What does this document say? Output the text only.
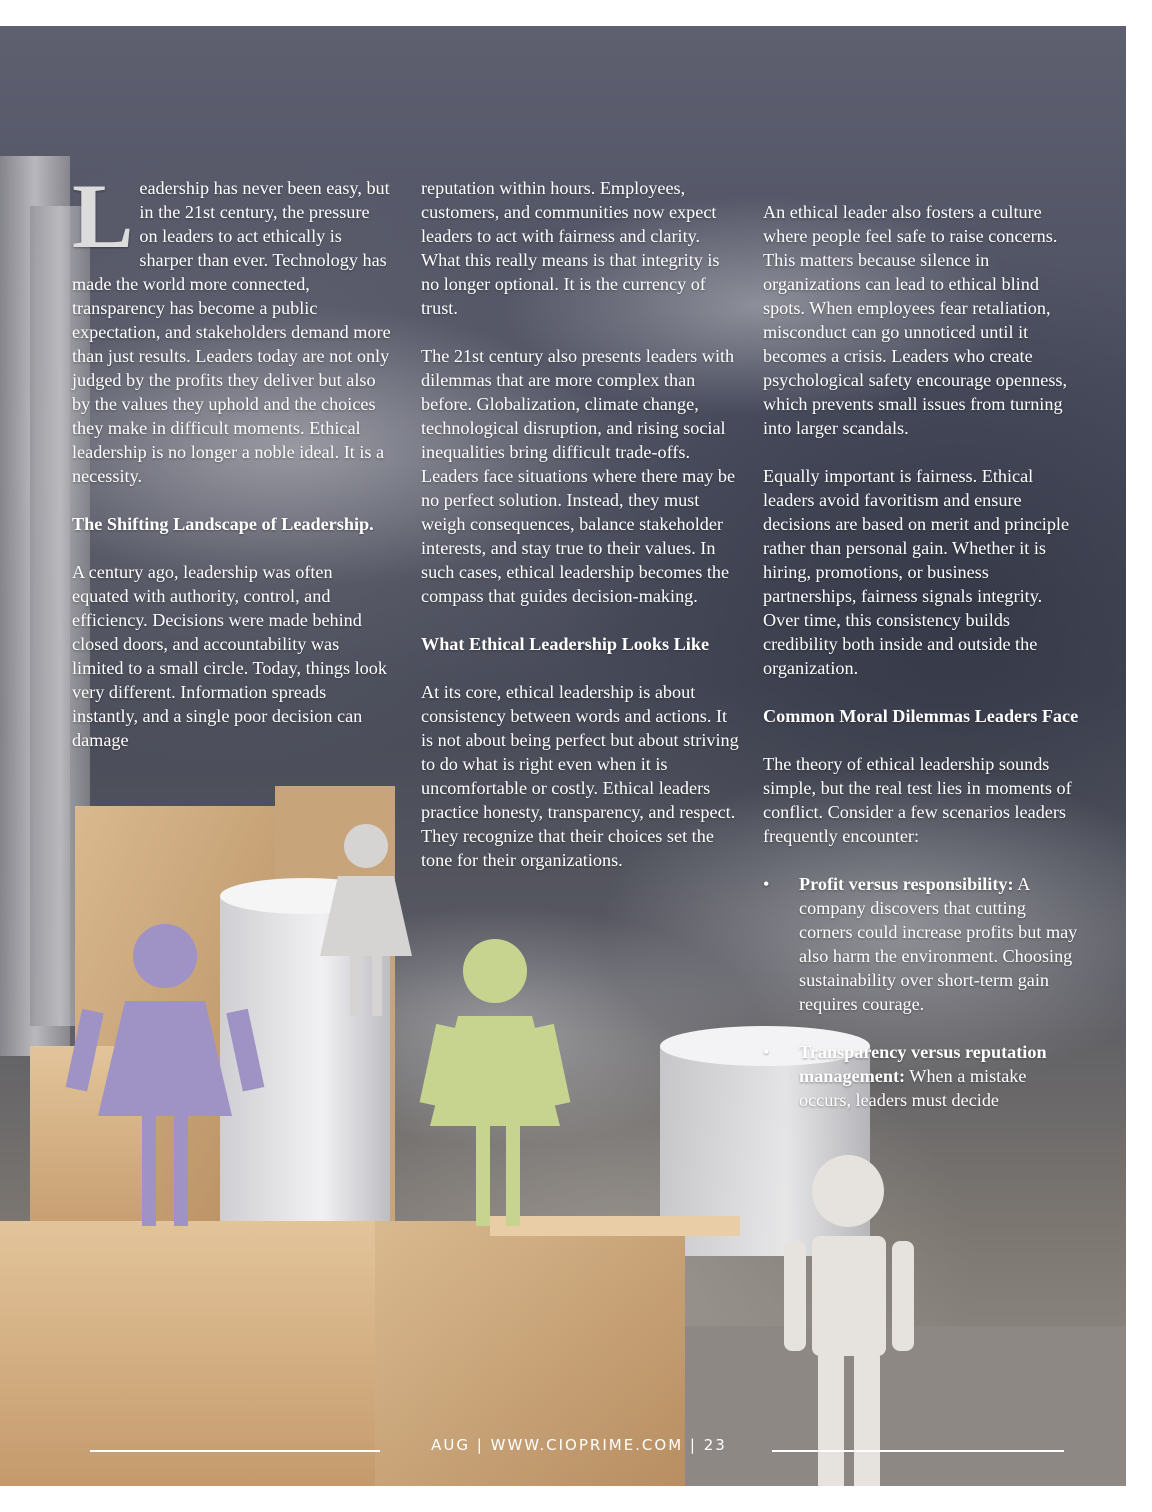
Leadership has never been easy, but in the 21st century, the pressure on leaders to act ethically is sharper than ever. Technology has made the world more connected, transparency has become a public expectation, and stakeholders demand more than just results. Leaders today are not only judged by the profits they deliver but also by the values they uphold and the choices they make in difficult moments. Ethical leadership is no longer a noble ideal. It is a necessity.

The Shifting Landscape of Leadership.

A century ago, leadership was often equated with authority, control, and efficiency. Decisions were made behind closed doors, and accountability was limited to a small circle. Today, things look very different. Information spreads instantly, and a single poor decision can damage

reputation within hours. Employees, customers, and communities now expect leaders to act with fairness and clarity. What this really means is that integrity is no longer optional. It is the currency of trust.

The 21st century also presents leaders with dilemmas that are more complex than before. Globalization, climate change, technological disruption, and rising social inequalities bring difficult trade-offs. Leaders face situations where there may be no perfect solution. Instead, they must weigh consequences, balance stakeholder interests, and stay true to their values. In such cases, ethical leadership becomes the compass that guides decision-making.

What Ethical Leadership Looks Like

At its core, ethical leadership is about consistency between words and actions. It is not about being perfect but about striving to do what is right even when it is uncomfortable or costly. Ethical leaders practice honesty, transparency, and respect. They recognize that their choices set the tone for their organizations.

An ethical leader also fosters a culture where people feel safe to raise concerns. This matters because silence in organizations can lead to ethical blind spots. When employees fear retaliation, misconduct can go unnoticed until it becomes a crisis. Leaders who create psychological safety encourage openness, which prevents small issues from turning into larger scandals.

Equally important is fairness. Ethical leaders avoid favoritism and ensure decisions are based on merit and principle rather than personal gain. Whether it is hiring, promotions, or business partnerships, fairness signals integrity. Over time, this consistency builds credibility both inside and outside the organization.

Common Moral Dilemmas Leaders Face

The theory of ethical leadership sounds simple, but the real test lies in moments of conflict. Consider a few scenarios leaders frequently encounter:

• Profit versus responsibility: A company discovers that cutting corners could increase profits but may also harm the environment. Choosing sustainability over short-term gain requires courage.
• Transparency versus reputation management: When a mistake occurs, leaders must decide
AUG | WWW.CIOPRIME.COM | 23
